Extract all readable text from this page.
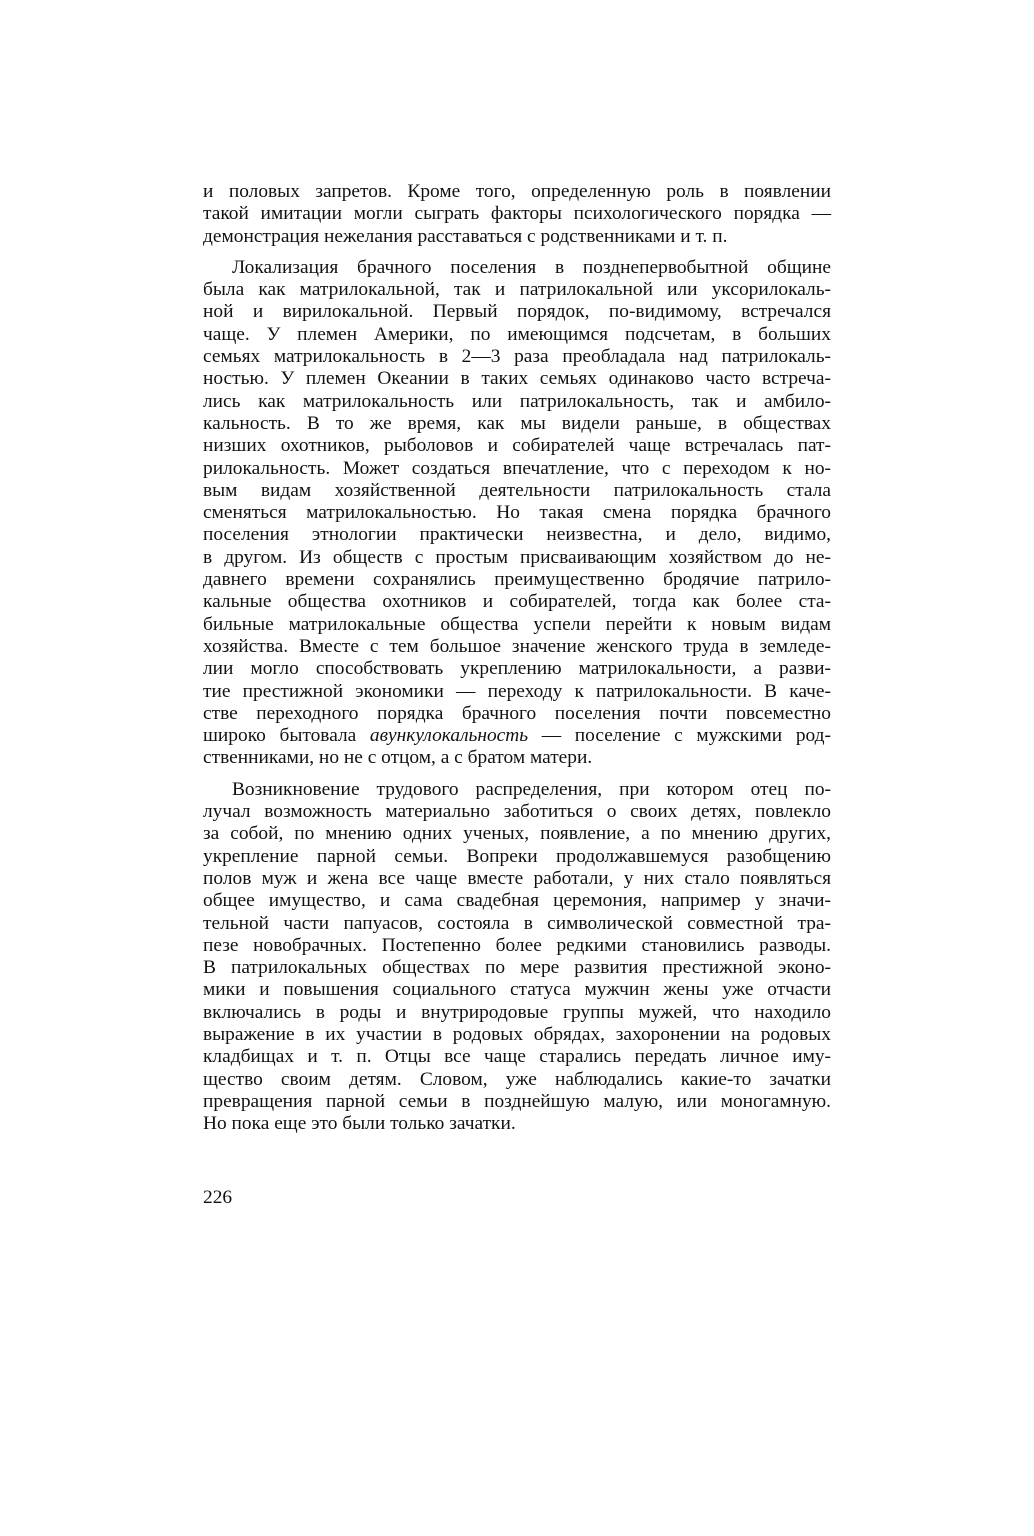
и половых запретов. Кроме того, определенную роль в появлении
такой имитации могли сыграть факторы психологического порядка —
демонстрация нежелания расставаться с родственниками и т. п.

Локализация брачного поселения в позднепервобытной общине
была как матрилокальной, так и патрилокальной или уксорилокаль-
ной и вирилокальной. Первый порядок, по-видимому, встречался
чаще. У племен Америки, по имеющимся подсчетам, в больших
семьях матрилокальность в 2—3 раза преобладала над патрилокаль-
ностью. У племен Океании в таких семьях одинаково часто встреча-
лись как матрилокальность или патрилокальность, так и амбило-
кальность. В то же время, как мы видели раньше, в обществах
низших охотников, рыболовов и собирателей чаще встречалась пат-
рилокальность. Может создаться впечатление, что с переходом к но-
вым видам хозяйственной деятельности патрилокальность стала
сменяться матрилокальностью. Но такая смена порядка брачного
поселения этнологии практически неизвестна, и дело, видимо,
в другом. Из обществ с простым присваивающим хозяйством до не-
давнего времени сохранялись преимущественно бродячие патрило-
кальные общества охотников и собирателей, тогда как более ста-
бильные матрилокальные общества успели перейти к новым видам
хозяйства. Вместе с тем большое значение женского труда в земледе-
лии могло способствовать укреплению матрилокальности, а разви-
тие престижной экономики — переходу к патрилокальности. В каче-
стве переходного порядка брачного поселения почти повсеместно
широко бытовала авункулокальность — поселение с мужскими род-
ственниками, но не с отцом, а с братом матери.

Возникновение трудового распределения, при котором отец по-
лучал возможность материально заботиться о своих детях, повлекло
за собой, по мнению одних ученых, появление, а по мнению других,
укрепление парной семьи. Вопреки продолжавшемуся разобщению
полов муж и жена все чаще вместе работали, у них стало появляться
общее имущество, и сама свадебная церемония, например у значи-
тельной части папуасов, состояла в символической совместной тра-
пезе новобрачных. Постепенно более редкими становились разводы.
В патрилокальных обществах по мере развития престижной эконо-
мики и повышения социального статуса мужчин жены уже отчасти
включались в роды и внутриродовые группы мужей, что находило
выражение в их участии в родовых обрядах, захоронении на родовых
кладбищах и т. п. Отцы все чаще старались передать личное иму-
щество своим детям. Словом, уже наблюдались какие-то зачатки
превращения парной семьи в позднейшую малую, или моногамную.
Но пока еще это были только зачатки.

226
